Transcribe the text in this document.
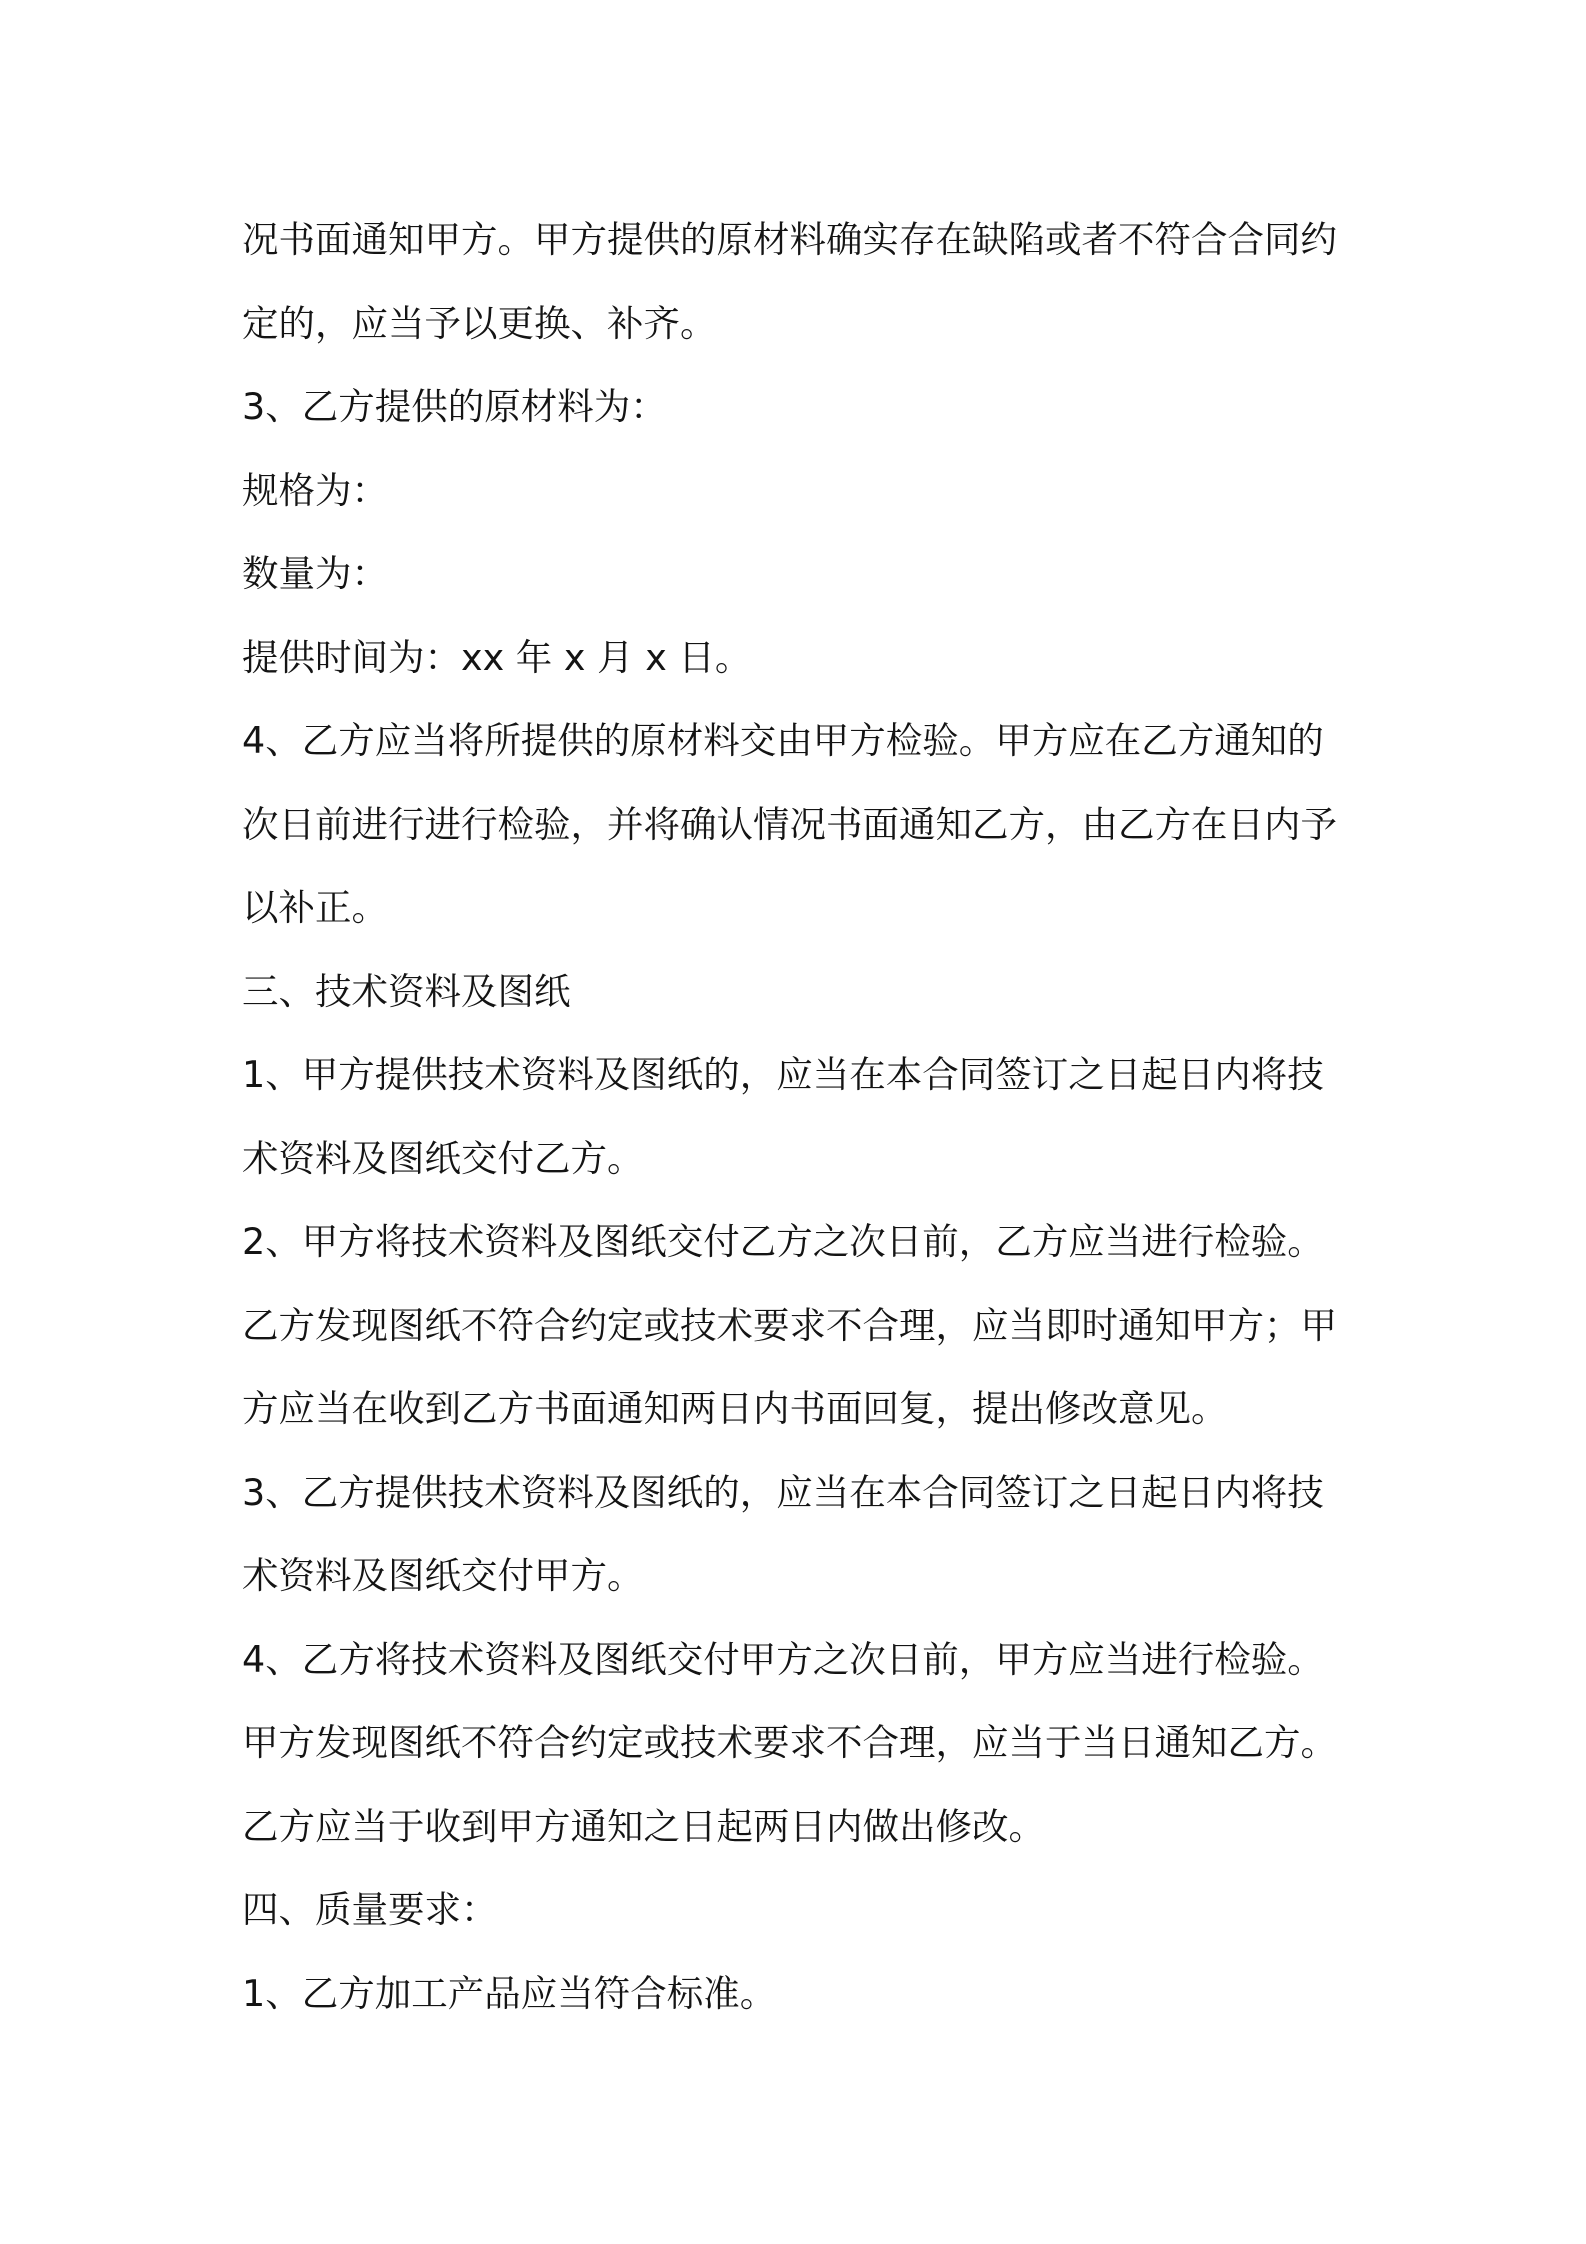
况书面通知甲方。甲方提供的原材料确实存在缺陷或者不符合合同约
定的，应当予以更换、补齐。
3、乙方提供的原材料为：
规格为：
数量为：
提供时间为：xx 年 x 月 x 日。
4、乙方应当将所提供的原材料交由甲方检验。甲方应在乙方通知的
次日前进行进行检验，并将确认情况书面通知乙方，由乙方在日内予
以补正。
三、技术资料及图纸
1、甲方提供技术资料及图纸的，应当在本合同签订之日起日内将技
术资料及图纸交付乙方。
2、甲方将技术资料及图纸交付乙方之次日前，乙方应当进行检验。
乙方发现图纸不符合约定或技术要求不合理，应当即时通知甲方；甲
方应当在收到乙方书面通知两日内书面回复，提出修改意见。
3、乙方提供技术资料及图纸的，应当在本合同签订之日起日内将技
术资料及图纸交付甲方。
4、乙方将技术资料及图纸交付甲方之次日前，甲方应当进行检验。
甲方发现图纸不符合约定或技术要求不合理，应当于当日通知乙方。
乙方应当于收到甲方通知之日起两日内做出修改。
四、质量要求：
1、乙方加工产品应当符合标准。
